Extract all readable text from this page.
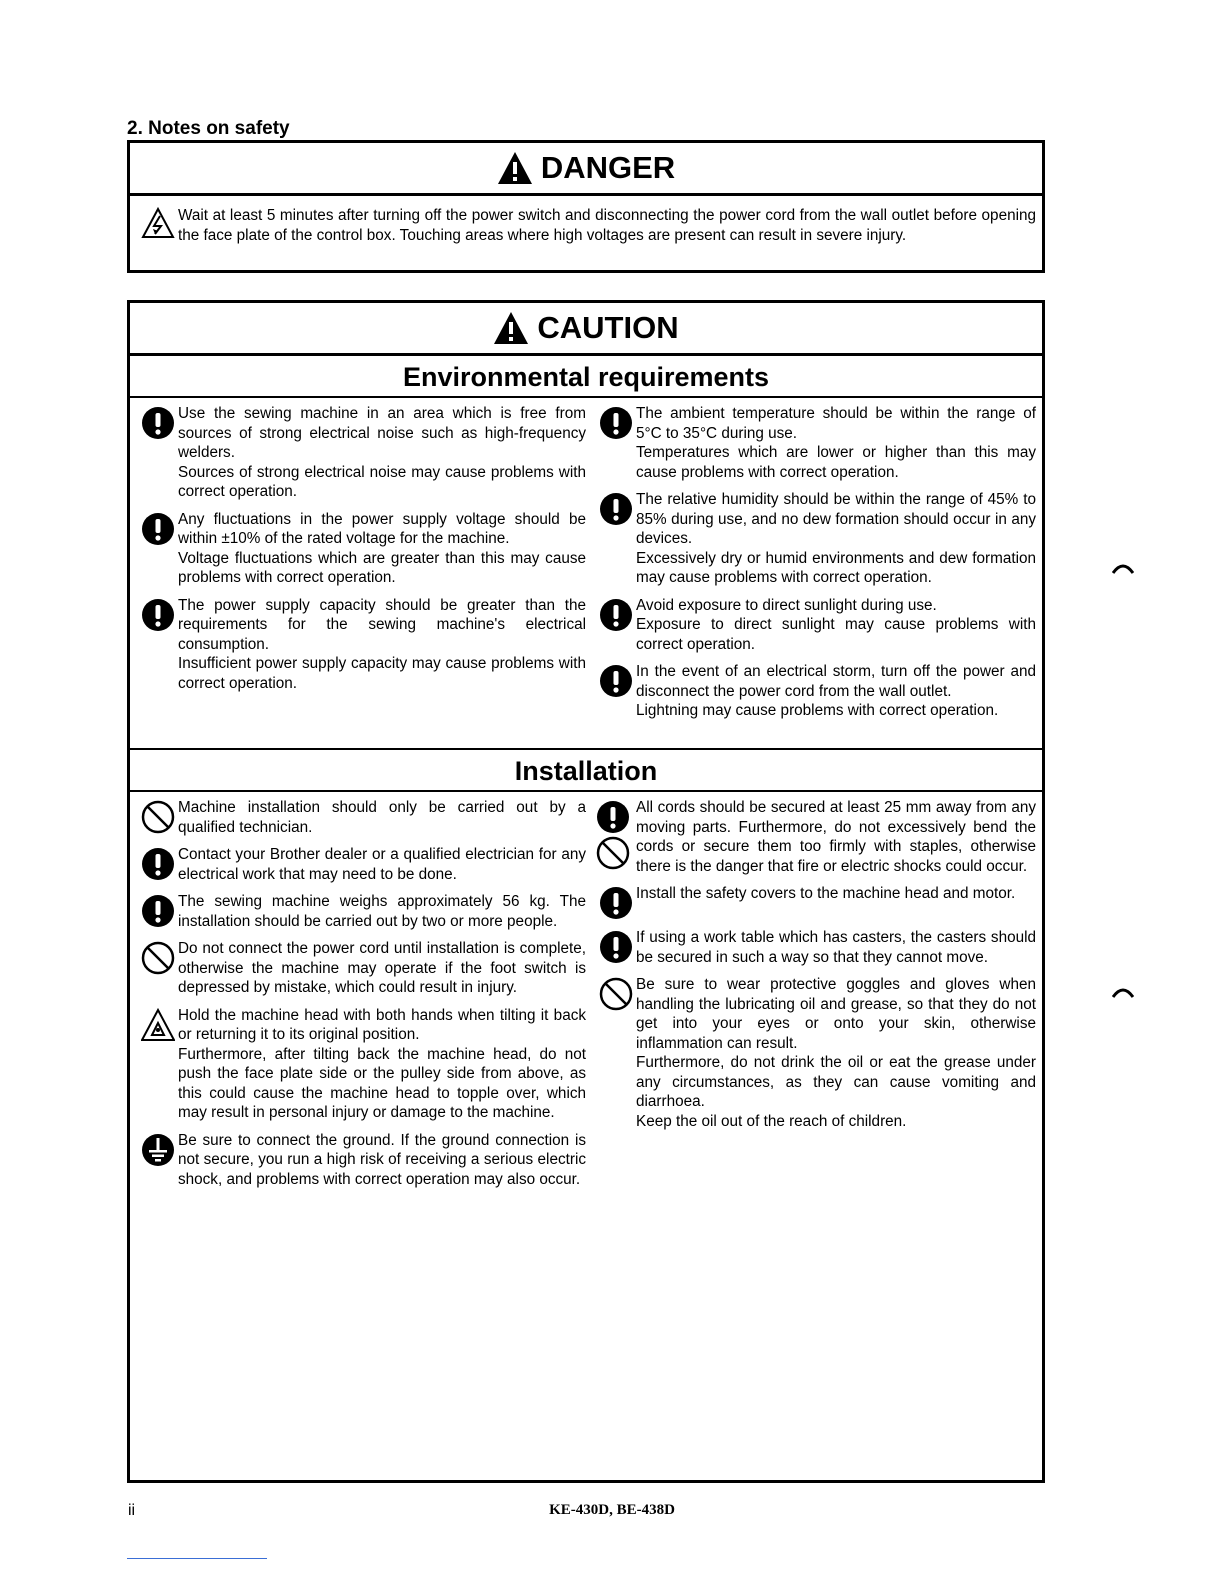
2. Notes on safety
DANGER
Wait at least 5 minutes after turning off the power switch and disconnecting the power cord from the wall outlet before opening the face plate of the control box. Touching areas where high voltages are present can result in severe injury.
CAUTION
Environmental requirements

Use the sewing machine in an area which is free from sources of strong electrical noise such as high-frequency welders.

Sources of strong electrical noise may cause problems with correct operation.

Any fluctuations in the power supply voltage should be within ±10% of the rated voltage for the machine.

Voltage fluctuations which are greater than this may cause problems with correct operation.

The power supply capacity should be greater than the requirements for the sewing machine's electrical consumption.

Insufficient power supply capacity may cause problems with correct operation.

The ambient temperature should be within the range of 5°C to 35°C during use.

Temperatures which are lower or higher than this may cause problems with correct operation.

The relative humidity should be within the range of 45% to 85% during use, and no dew formation should occur in any devices.

Excessively dry or humid environments and dew formation may cause problems with correct operation.

Avoid exposure to direct sunlight during use.

Exposure to direct sunlight may cause problems with correct operation.

In the event of an electrical storm, turn off the power and disconnect the power cord from the wall outlet.

Lightning may cause problems with correct operation.

Installation

Machine installation should only be carried out by a qualified technician.

Contact your Brother dealer or a qualified electrician for any electrical work that may need to be done.

The sewing machine weighs approximately 56 kg. The installation should be carried out by two or more people.

Do not connect the power cord until installation is complete, otherwise the machine may operate if the foot switch is depressed by mistake, which could result in injury.

Hold the machine head with both hands when tilting it back or returning it to its original position.

Furthermore, after tilting back the machine head, do not push the face plate side or the pulley side from above, as this could cause the machine head to topple over, which may result in personal injury or damage to the machine.

Be sure to connect the ground. If the ground connection is not secure, you run a high risk of receiving a serious electric shock, and problems with correct operation may also occur.

All cords should be secured at least 25 mm away from any moving parts. Furthermore, do not excessively bend the cords or secure them too firmly with staples, otherwise there is the danger that fire or electric shocks could occur.

Install the safety covers to the machine head and motor.

If using a work table which has casters, the casters should be secured in such a way so that they cannot move.

Be sure to wear protective goggles and gloves when handling the lubricating oil and grease, so that they do not get into your eyes or onto your skin, otherwise inflammation can result.

Furthermore, do not drink the oil or eat the grease under any circumstances, as they can cause vomiting and diarrhoea.

Keep the oil out of the reach of children.

ii	KE-430D, BE-438D
